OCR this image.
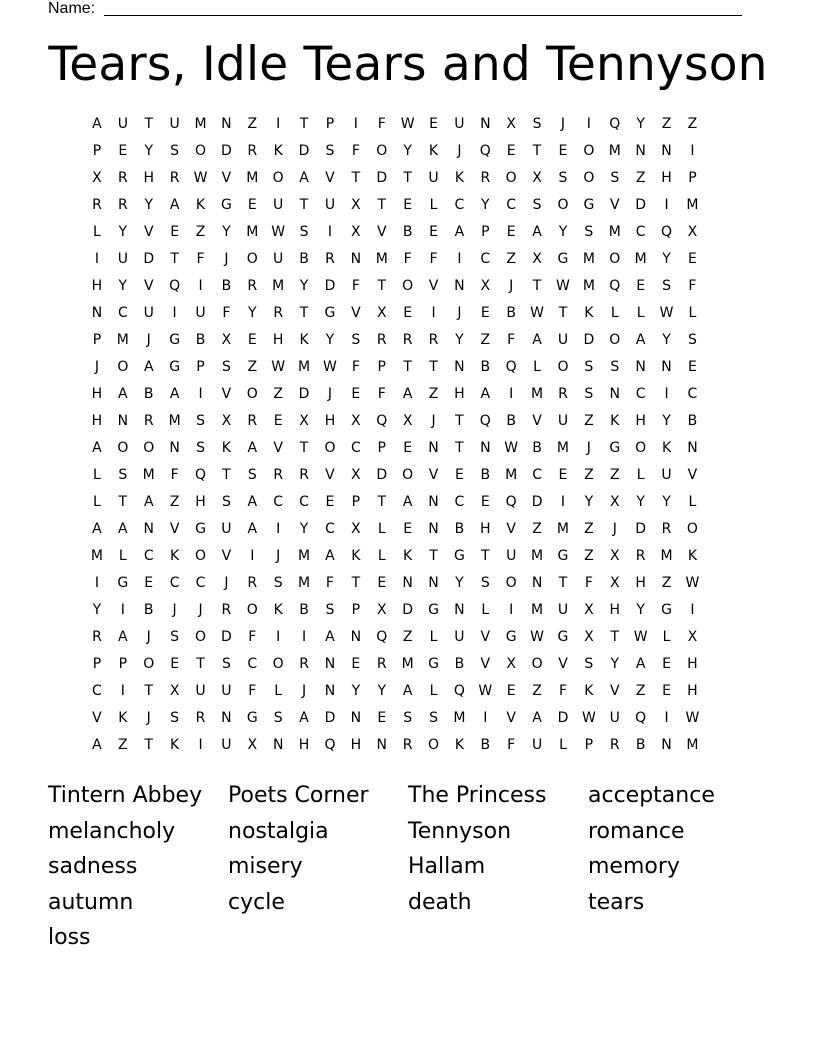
Name:
Tears, Idle Tears and Tennyson
A	U	T	U	M	N	Z	I	T	P	I	F	W	E	U	N	X	S	J	I	Q	Y	Z	Z
P	E	Y	S	O	D	R	K	D	S	F	O	Y	K	J	Q	E	T	E	O	M	N	N	I
X	R	H	R	W	V	M	O	A	V	T	D	T	U	K	R	O	X	S	O	S	Z	H	P
R	R	Y	A	K	G	E	U	T	U	X	T	E	L	C	Y	C	S	O	G	V	D	I	M
L	Y	V	E	Z	Y	M W	S	I	X	V	B	E	A	P	E	A	Y	S	M	C	Q	X
I	U	D	T	F	J	O	U	B	R	N	M	F	F	I	C	Z	X	G	M	O	M	Y	E
H	Y	V	Q	I	B	R	M	Y	D	F	T	O	V	N	X	J	T	W M	Q	E	S	F
N	C	U	I	U	F	Y	R	T	G	V	X	E	I	J	E	B	W	T	K	L	L	W	L
P	M	J	G	B	X	E	H	K	Y	S	R	R	R	Y	Z	F	A	U	D	O	A	Y	S
J	O	A	G	P	S	Z	W M W	F	P	T	T	N	B	Q	L	O	S	S	N	N	E
H	A	B	A	I	V	O	Z	D	J	E	F	A	Z	H	A	I	M	R	S	N	C	I	C
H	N	R	M	S	X	R	E	X	H	X	Q	X	J	T	Q	B	V	U	Z	K	H	Y	B
A	O	O	N	S	K	A	V	T	O	C	P	E	N	T	N W	B	M	J	G	O	K	N
L	S	M	F	Q	T	S	R	R	V	X	D	O	V	E	B	M	C	E	Z	Z	L	U	V
L	T	A	Z	H	S	A	C	C	E	P	T	A	N	C	E	Q	D	I	Y	X	Y	Y	L
A	A	N	V	G	U	A	I	Y	C	X	L	E	N	B	H	V	Z	M	Z	J	D	R	O
M	L	C	K	O	V	I	J	M	A	K	L	K	T	G	T	U	M	G	Z	X	R	M	K
I	G	E	C	C	J	R	S	M	F	T	E	N	N	Y	S	O	N	T	F	X	H	Z	W
Y	I	B	J	J	R	O	K	B	S	P	X	D	G	N	L	I	M	U	X	H	Y	G	I
R	A	J	S	O	D	F	I	I	A	N	Q	Z	L	U	V	G W G	X	T	W	L	X
P	P	O	E	T	S	C	O	R	N	E	R	M	G	B	V	X	O	V	S	Y	A	E	H
C	I	T	X	U	U	F	L	J	N	Y	Y	A	L	Q W	E	Z	F	K	V	Z	E	H
V	K	J	S	R	N	G	S	A	D	N	E	S	S	M	I	V	A	D W U	Q	I	W
A	Z	T	K	I	U	X	N	H	Q	H	N	R	O	K	B	F	U	L	P	R	B	N	M
Tintern Abbey	Poets Corner	The Princess	acceptance
melancholy	nostalgia	Tennyson	romance
sadness	misery	Hallam	memory
autumn	cycle	death	tears
loss
